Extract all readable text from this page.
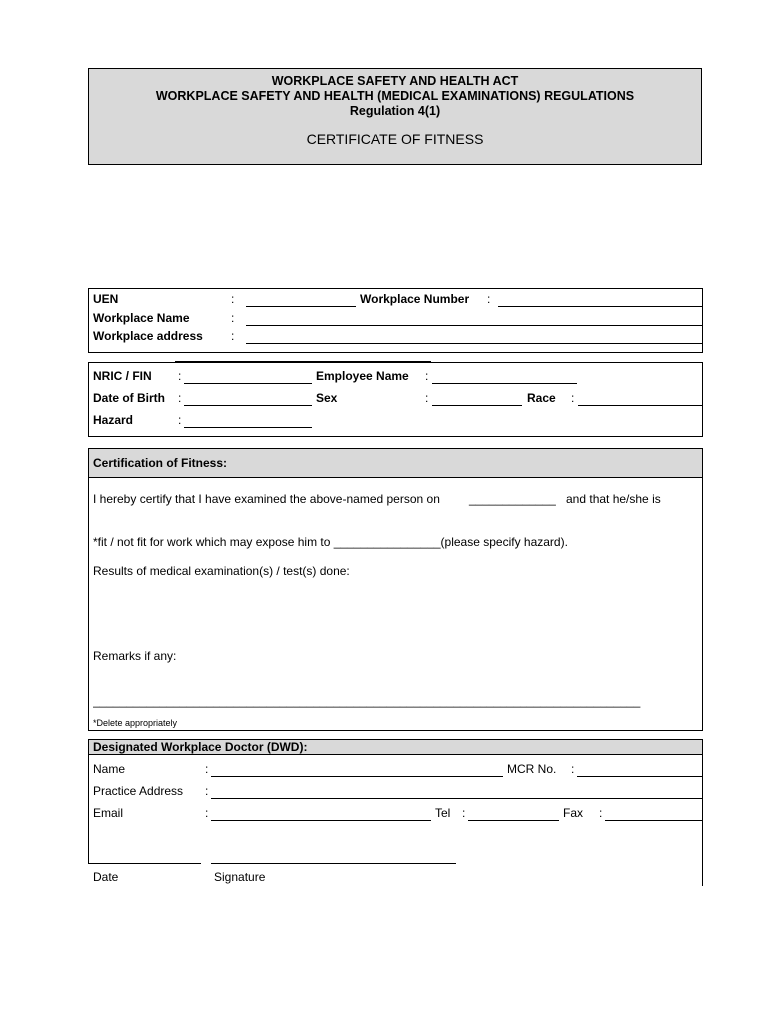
WORKPLACE SAFETY AND HEALTH ACT
WORKPLACE SAFETY AND HEALTH (MEDICAL EXAMINATIONS) REGULATIONS
Regulation 4(1)
CERTIFICATE OF FITNESS
UEN	:	Workplace Number :
Workplace Name	:
Workplace address :
NRIC / FIN :	Employee Name :
Date of Birth :	Sex	:	Race :
Hazard	:
Certification of Fitness:
I hereby certify that I have examined the above-named person on _____________ and that he/she is
*fit / not fit for work which may expose him to ________________(please specify hazard).
Results of medical examination(s) / test(s) done:
Remarks if any:
__________________________________________________________________________________
*Delete appropriately
Designated Workplace Doctor (DWD):
Name	:	MCR No. :
Practice Address :
Email	:	Tel :	Fax :
Date	Signature
